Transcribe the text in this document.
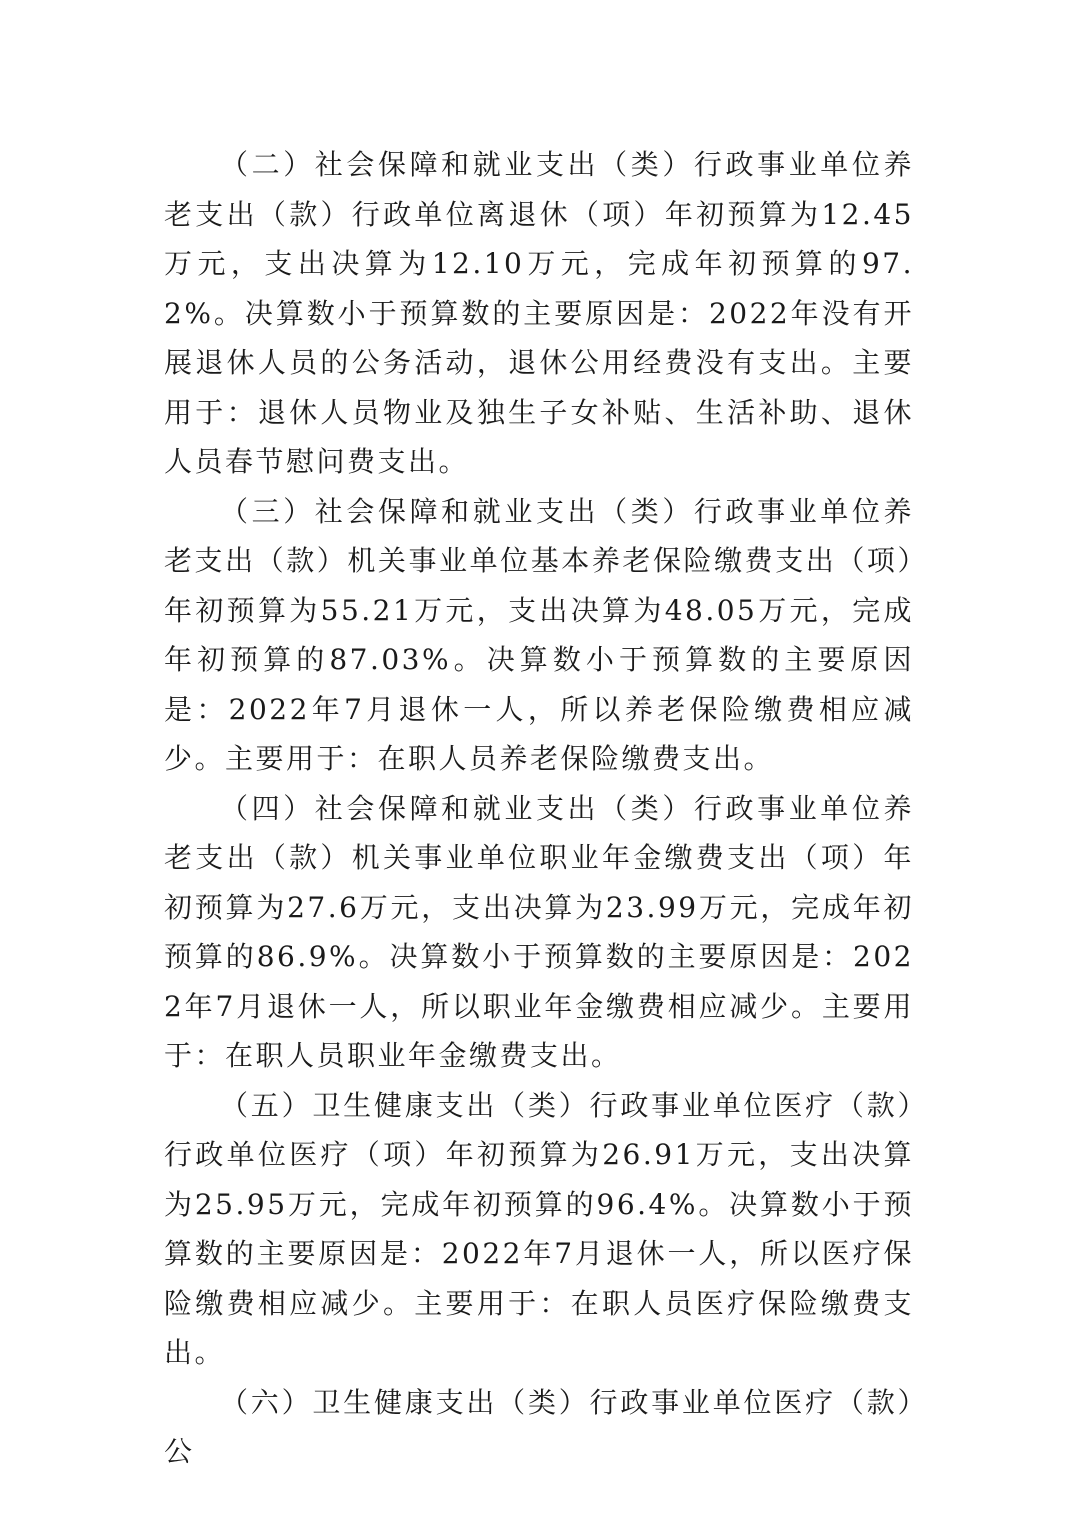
（二）社会保障和就业支出（类）行政事业单位养老支出（款）行政单位离退休（项）年初预算为12.45万元，支出决算为12.10万元，完成年初预算的97.2%。决算数小于预算数的主要原因是：2022年没有开展退休人员的公务活动，退休公用经费没有支出。主要用于：退休人员物业及独生子女补贴、生活补助、退休人员春节慰问费支出。

（三）社会保障和就业支出（类）行政事业单位养老支出（款）机关事业单位基本养老保险缴费支出（项）年初预算为55.21万元，支出决算为48.05万元，完成年初预算的87.03%。决算数小于预算数的主要原因是：2022年7月退休一人，所以养老保险缴费相应减少。主要用于：在职人员养老保险缴费支出。

（四）社会保障和就业支出（类）行政事业单位养老支出（款）机关事业单位职业年金缴费支出（项）年初预算为27.6万元，支出决算为23.99万元，完成年初预算的86.9%。决算数小于预算数的主要原因是：2022年7月退休一人，所以职业年金缴费相应减少。主要用于：在职人员职业年金缴费支出。

（五）卫生健康支出（类）行政事业单位医疗（款）行政单位医疗（项）年初预算为26.91万元，支出决算为25.95万元，完成年初预算的96.4%。决算数小于预算数的主要原因是：2022年7月退休一人，所以医疗保险缴费相应减少。主要用于：在职人员医疗保险缴费支出。

（六）卫生健康支出（类）行政事业单位医疗（款）公
